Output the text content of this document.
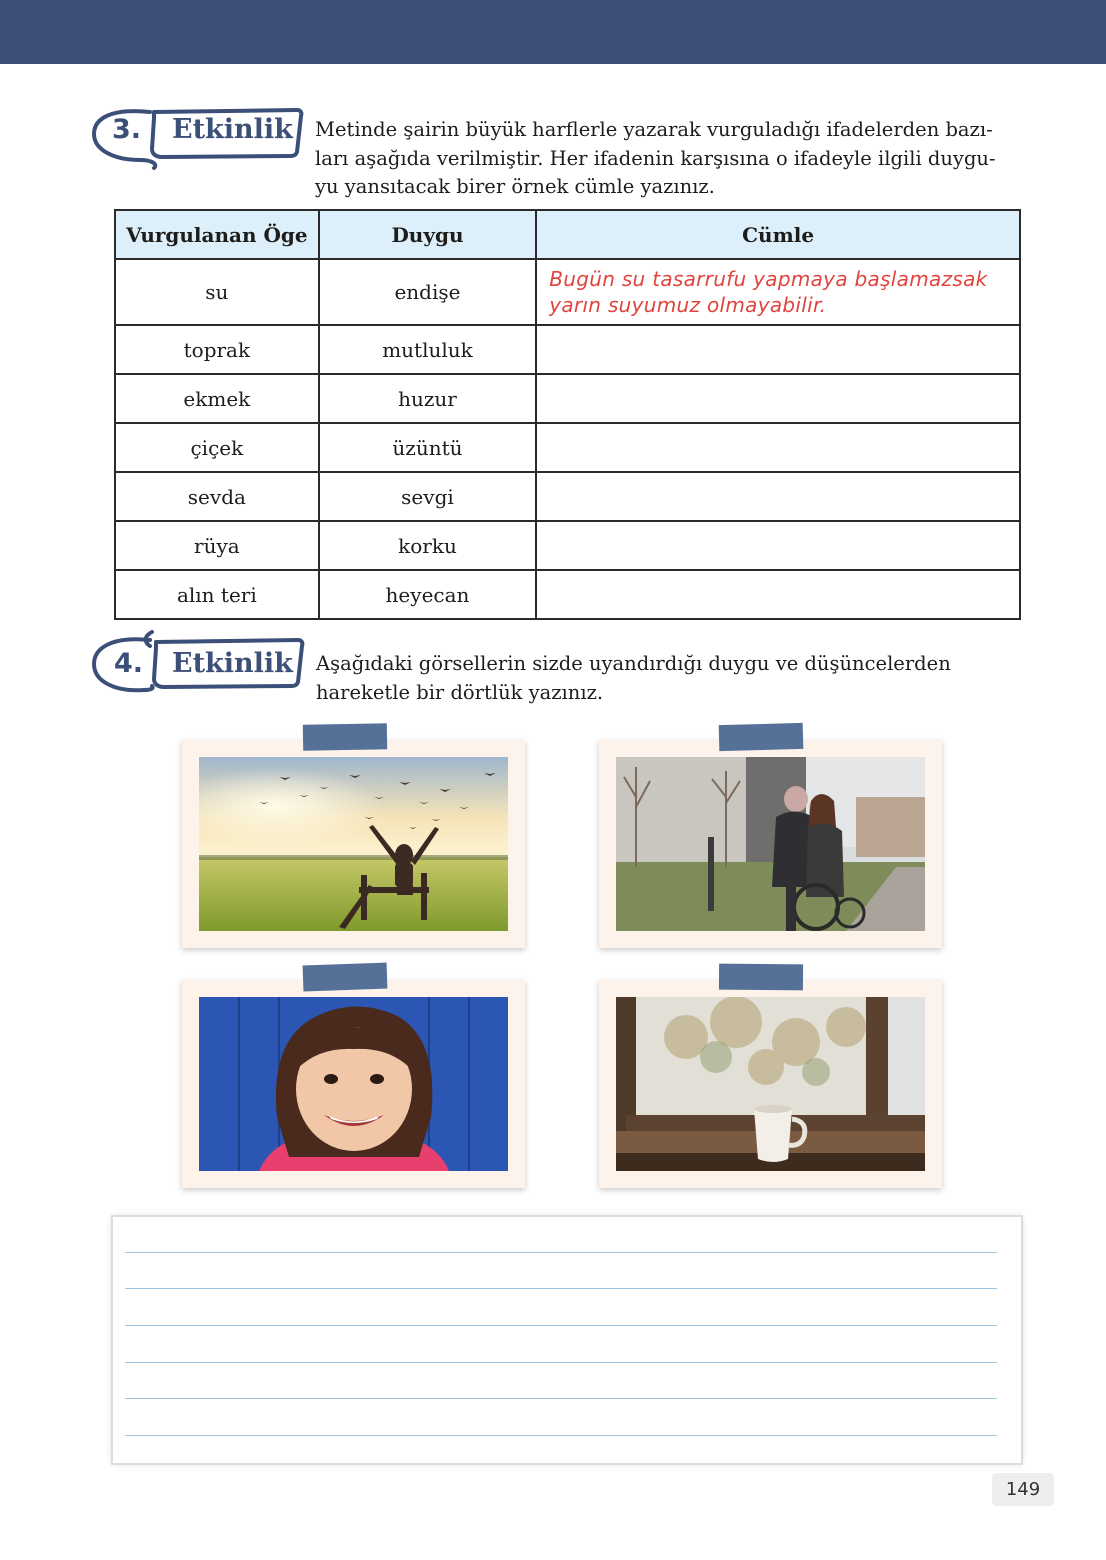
3. Etkinlik Metinde şairin büyük harflerle yazarak vurguladığı ifadelerden bazı-
ları aşağıda verilmiştir. Her ifadenin karşısına o ifadeyle ilgili duygu-
yu yansıtacak birer örnek cümle yazınız.
Vurgulanan Öge	Duygu	Cümle
su	endişe	Bugün su tasarrufu yapmaya başlamazsak yarın suyumuz olmayabilir.
toprak	mutluluk	
ekmek	huzur	
çiçek	üzüntü	
sevda	sevgi	
rüya	korku	
alın teri	heyecan	
4. Etkinlik Aşağıdaki görsellerin sizde uyandırdığı duygu ve düşüncelerden
hareketle bir dörtlük yazınız.
149
